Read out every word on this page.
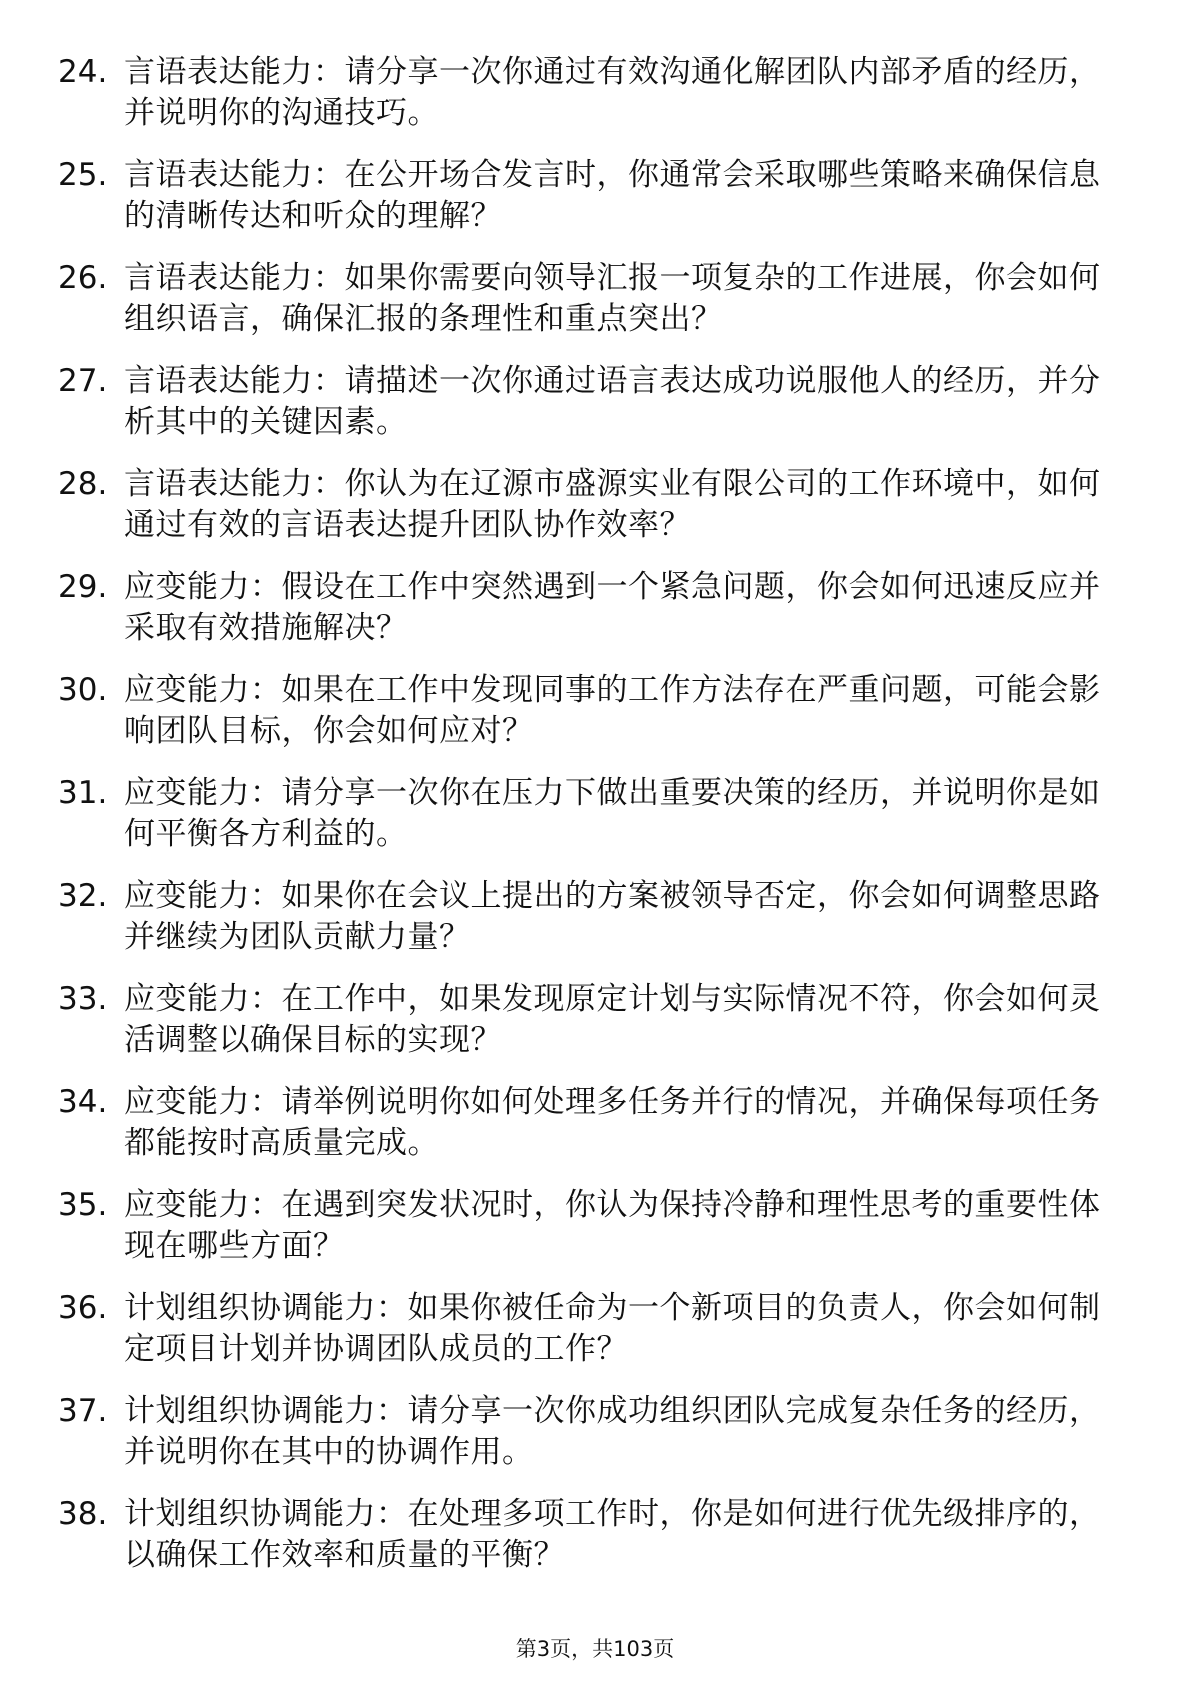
24. 言语表达能力：请分享一次你通过有效沟通化解团队内部矛盾的经历，并说明你的沟通技巧。
25. 言语表达能力：在公开场合发言时，你通常会采取哪些策略来确保信息的清晰传达和听众的理解？
26. 言语表达能力：如果你需要向领导汇报一项复杂的工作进展，你会如何组织语言，确保汇报的条理性和重点突出？
27. 言语表达能力：请描述一次你通过语言表达成功说服他人的经历，并分析其中的关键因素。
28. 言语表达能力：你认为在辽源市盛源实业有限公司的工作环境中，如何通过有效的言语表达提升团队协作效率？
29. 应变能力：假设在工作中突然遇到一个紧急问题，你会如何迅速反应并采取有效措施解决？
30. 应变能力：如果在工作中发现同事的工作方法存在严重问题，可能会影响团队目标，你会如何应对？
31. 应变能力：请分享一次你在压力下做出重要决策的经历，并说明你是如何平衡各方利益的。
32. 应变能力：如果你在会议上提出的方案被领导否定，你会如何调整思路并继续为团队贡献力量？
33. 应变能力：在工作中，如果发现原定计划与实际情况不符，你会如何灵活调整以确保目标的实现？
34. 应变能力：请举例说明你如何处理多任务并行的情况，并确保每项任务都能按时高质量完成。
35. 应变能力：在遇到突发状况时，你认为保持冷静和理性思考的重要性体现在哪些方面？
36. 计划组织协调能力：如果你被任命为一个新项目的负责人，你会如何制定项目计划并协调团队成员的工作？
37. 计划组织协调能力：请分享一次你成功组织团队完成复杂任务的经历，并说明你在其中的协调作用。
38. 计划组织协调能力：在处理多项工作时，你是如何进行优先级排序的，以确保工作效率和质量的平衡？
第3页，共103页
